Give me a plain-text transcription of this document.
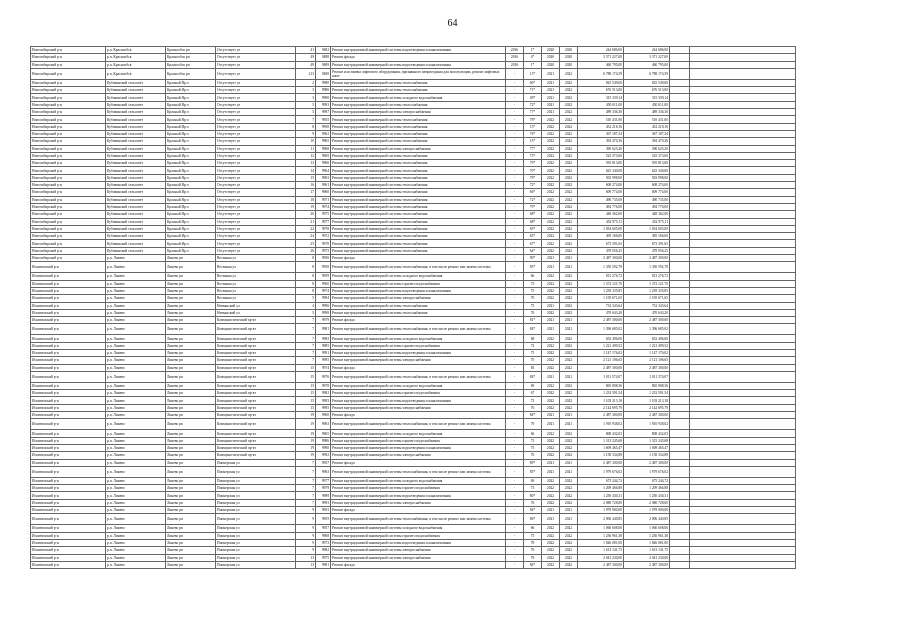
64
Новосибирский р-н	р.п. Краснообск	Краснообск рп	Отсутствует ул	41	9482	Ремонт внутридомовой инженерной системы водоотведения и канализования	2016	1*	2020	2020	244 686,00	244 686,00		
Новосибирский р-н	р.п. Краснообск	Краснообск рп	Отсутствует ул	49	9488	Ремонт фасада	2016	4*	2020	2020	3 371 227,00	3 371 227,00		
Новосибирский р-н	р.п. Краснообск	Краснообск рп	Отсутствует ул	49	9489	Ремонт внутридомовой инженерной системы водоотведения и канализования	2016	1*	2020	2020	460 795,00	460 795,00		
Новосибирский р-н	р.п. Краснообск	Краснообск рп	Отсутствует ул	213	9490	Ремонт или замена лифтового оборудования, признанного непригодным для эксплуатации, ремонт лифтовых шахт	-	13*	2021	2022	6 788 174,59	6 788 174,59		
Новосибирский р-н	Кубовинский сельсовет	Красный Яр п	Отсутствует ул	2	9980	Ремонт внутридомовой инженерной системы теплоснабжения	-	60*	2021	2022	825 549,00	825 549,00		
Новосибирский р-н	Кубовинский сельсовет	Красный Яр п	Отсутствует ул	3	9986	Ремонт внутридомовой инженерной системы теплоснабжения	-	71*	2021	2022	676 513,00	676 513,00		
Новосибирский р-н	Кубовинский сельсовет	Красный Яр п	Отсутствует ул	3	9990	Ремонт внутридомовой инженерной системы холодного водоснабжения	-	49*	2021	2022	315 339,14	315 339,14		
Новосибирский р-н	Кубовинский сельсовет	Красный Яр п	Отсутствует ул	5	9993	Ремонт внутридомовой инженерной системы теплоснабжения	-	72*	2021	2022	450 011,00	450 011,00		
Новосибирский р-н	Кубовинский сельсовет	Красный Яр п	Отсутствует ул	5	9997	Ремонт внутридомовой инженерной системы электроснабжения	-	77*	2021	2022	489 336,30	489 336,30		
Новосибирский р-н	Кубовинский сельсовет	Красный Яр п	Отсутствует ул	7	9955	Ремонт внутридомовой инженерной системы теплоснабжения	-	78*	2022	2022	510 431,00	510 431,00		
Новосибирский р-н	Кубовинский сельсовет	Красный Яр п	Отсутствует ул	8	9958	Ремонт внутридомовой инженерной системы теплоснабжения	-	15*	2022	2022	452 218,16	452 218,16		
Новосибирский р-н	Кубовинский сельсовет	Красный Яр п	Отсутствует ул	9	9962	Ремонт внутридомовой инженерной системы теплоснабжения	-	76*	2022	2022	367 187,34	367 187,34		
Новосибирский р-н	Кубовинский сельсовет	Красный Яр п	Отсутствует ул	10	9965	Ремонт внутридомовой инженерной системы теплоснабжения	-	15*	2022	2022	394 470,36	394 470,36		
Новосибирский р-н	Кубовинский сельсовет	Красный Яр п	Отсутствует ул	11	9968	Ремонт внутридомовой инженерной системы электроснабжения	-	77*	2022	2022	390 625,20	390 625,20		
Новосибирский р-н	Кубовинский сельсовет	Красный Яр п	Отсутствует ул	12	9969	Ремонт внутридомовой инженерной системы теплоснабжения	-	75*	2022	2022	525 373,00	525 373,00		
Новосибирский р-н	Кубовинский сельсовет	Красный Яр п	Отсутствует ул	13	9966	Ремонт внутридомовой инженерной системы теплоснабжения	-	79*	2022	2022	595 813,00	595 813,00		
Новосибирский р-н	Кубовинский сельсовет	Красный Яр п	Отсутствует ул	14	9964	Ремонт внутридомовой инженерной системы теплоснабжения	-	70*	2022	2022	625 340,00	625 340,00		
Новосибирский р-н	Кубовинский сельсовет	Красный Яр п	Отсутствует ул	15	9963	Ремонт внутридомовой инженерной системы теплоснабжения	-	79*	2022	2022	503 998,00	503 998,00		
Новосибирский р-н	Кубовинский сельсовет	Красный Яр п	Отсутствует ул	16	9961	Ремонт внутридомовой инженерной системы теплоснабжения	-	72*	2022	2022	608 274,00	608 274,00		
Новосибирский р-н	Кубовинский сельсовет	Красный Яр п	Отсутствует ул	17	9960	Ремонт внутридомовой инженерной системы теплоснабжения	-	66*	2022	2022	609 774,00	609 774,00		
Новосибирский р-н	Кубовинский сельсовет	Красный Яр п	Отсутствует ул	18	9971	Ремонт внутридомовой инженерной системы теплоснабжения	-	72*	2022	2022	490 735,00	490 735,00		
Новосибирский р-н	Кубовинский сельсовет	Красный Яр п	Отсутствует ул	19	9974	Ремонт внутридомовой инженерной системы теплоснабжения	-	79*	2022	2022	494 776,00	494 776,00		
Новосибирский р-н	Кубовинский сельсовет	Красный Яр п	Отсутствует ул	20	9975	Ремонт внутридомовой инженерной системы теплоснабжения	-	68*	2022	2022	448 362,00	448 362,00		
Новосибирский р-н	Кубовинский сельсовет	Красный Яр п	Отсутствует ул	21	9977	Ремонт внутридомовой инженерной системы теплоснабжения	-	68*	2022	2022	452 975,11	452 975,11		
Новосибирский р-н	Кубовинский сельсовет	Красный Яр п	Отсутствует ул	22	9978	Ремонт внутридомовой инженерной системы теплоснабжения	-	65*	2022	2022	1 054 605,00	1 054 605,00		
Новосибирский р-н	Кубовинский сельсовет	Красный Яр п	Отсутствует ул	24	9972	Ремонт внутридомовой инженерной системы теплоснабжения	-	65*	2022	2022	495 166,00	495 166,00		
Новосибирский р-н	Кубовинский сельсовет	Красный Яр п	Отсутствует ул	25	9970	Ремонт внутридомовой инженерной системы теплоснабжения	-	67*	2022	2022	673 391,65	673 391,65		
Новосибирский р-н	Кубовинский сельсовет	Красный Яр п	Отсутствует ул	26	9973	Ремонт внутридомовой инженерной системы теплоснабжения	-	64*	2022	2022	478 056,25	478 056,25		
Новосибирский р-н	р.п. Линево	Линево рп	Весенняя ул	8	9956	Ремонт фасада	-	90*	2021	2021	2 487 300,00	2 487 300,00		
Искитимский р-н	р.п. Линево	Линево рп	Весенняя ул	8	9958	Ремонт внутридомовой инженерной системы теплоснабжения, в том числе ремонт или замена системы	-	85*	2021	2021	1 350 592,78	1 350 592,78		
Искитимский р-н	р.п. Линево	Линево рп	Весенняя ул	8	9959	Ремонт внутридомовой инженерной системы холодного водоснабжения	-	66	2022	2022	813 276,72	813 276,72		
Искитимский р-н	р.п. Линево	Линево рп	Весенняя ул	8	9960	Ремонт внутридомовой инженерной системы горячего водоснабжения	-	73	2022	2022	1 372 121,70	1 372 121,70		
Искитимский р-н	р.п. Линево	Линево рп	Весенняя ул	8	9974	Ремонт внутридомовой инженерной системы водоотведения и канализования	-	75	2022	2022	1 239 335,85	1 239 335,85		
Искитимский р-н	р.п. Линево	Линево рп	Весенняя ул	5	9994	Ремонт внутридомовой инженерной системы электроснабжения	-	70	2022	2022	1 105 671,65	1 105 671,65		
Искитимский р-н	р.п. Линево	Линево рп	Невьянский ул	4	9996	Ремонт внутридомовой инженерной системы теплоснабжения	-	75	2021	2022	732 343,64	732 343,64		
Искитимский р-н	р.п. Линево	Линево рп	Невьянский ул	5	9998	Ремонт внутридомовой инженерной системы теплоснабжения	-	76	2022	2022	470 643,20	470 643,20		
Искитимский р-н	р.п. Линево	Линево рп	Коммунистический пр-кт	7	9979	Ремонт фасада	-	81*	2021	2021	2 487 300,00	2 487 300,00		
Искитимский р-н	р.п. Линево	Линево рп	Коммунистический пр-кт	7	9981	Ремонт внутридомовой инженерной системы теплоснабжения, в том числе ремонт или замена системы	-	84*	2021	2021	1 396 685,02	1 396 685,02		
Искитимский р-н	р.п. Линево	Линево рп	Коммунистический пр-кт	7	9983	Ремонт внутридомовой инженерной системы холодного водоснабжения	-	68	2022	2022	652 496,00	652 496,00		
Искитимский р-н	р.п. Линево	Линево рп	Коммунистический пр-кт	7	9985	Ремонт внутридомовой инженерной системы горячего водоснабжения	-	72	2022	2022	1 221 499,52	1 221 499,52		
Искитимский р-н	р.п. Линево	Линево рп	Коммунистический пр-кт	7	9991	Ремонт внутридомовой инженерной системы водоотведения и канализования	-	75	2022	2022	1 147 176,02	1 147 176,02		
Искитимский р-н	р.п. Линево	Линево рп	Коммунистический пр-кт	7	9995	Ремонт внутридомовой инженерной системы электроснабжения	-	70	2022	2022	2 121 106,65	2 121 106,65		
Искитимский р-н	р.п. Линево	Линево рп	Коммунистический пр-кт	15	9974	Ремонт фасада	-	83	2022	2022	2 487 300,00	2 487 300,00		
Искитимский р-н	р.п. Линево	Линево рп	Коммунистический пр-кт	15	9976	Ремонт внутридомовой инженерной системы теплоснабжения, в том числе ремонт или замена системы	-	84*	2021	2021	1 011 574,07	1 011 574,07		
Искитимский р-н	р.п. Линево	Линево рп	Коммунистический пр-кт	15	9978	Ремонт внутридомовой инженерной системы холодного водоснабжения	-	69	2022	2022	865 808,36	865 808,36		
Искитимский р-н	р.п. Линево	Линево рп	Коммунистический пр-кт	15	9982	Ремонт внутридомовой инженерной системы горячего водоснабжения	-	67	2022	2022	1 233 591,54	1 233 591,54		
Искитимский р-н	р.п. Линево	Линево рп	Коммунистический пр-кт	15	9993	Ремонт внутридомовой инженерной системы водоотведения и канализования	-	73	2022	2022	1 103 213,18	1 103 213,18		
Искитимский р-н	р.п. Линево	Линево рп	Коммунистический пр-кт	15	9995	Ремонт внутридомовой инженерной системы электроснабжения	-	76	2022	2022	2 142 695,79	2 142 695,79		
Искитимский р-н	р.п. Линево	Линево рп	Коммунистический пр-кт	19	9960	Ремонт фасада	-	84*	2021	2021	2 487 300,00	2 487 300,00		
Искитимский р-н	р.п. Линево	Линево рп	Коммунистический пр-кт	19	9963	Ремонт внутридомовой инженерной системы теплоснабжения, в том числе ремонт или замена системы	-	79	2021	2021	1 910 938,02	1 910 938,02		
Искитимский р-н	р.п. Линево	Линево рп	Коммунистический пр-кт	19	9965	Ремонт внутридомовой инженерной системы холодного водоснабжения	-	66	2022	2022	808 432,03	808 432,03		
Искитимский р-н	р.п. Линево	Линево рп	Коммунистический пр-кт	19	9986	Ремонт внутридомовой инженерной системы горячего водоснабжения	-	73	2022	2022	1 315 245,68	1 315 245,68		
Искитимский р-н	р.п. Линево	Линево рп	Коммунистический пр-кт	19	9990	Ремонт внутридомовой инженерной системы водоотведения и канализования	-	75	2022	2022	1 609 465,47	1 609 465,47		
Искитимский р-н	р.п. Линево	Линево рп	Коммунистический пр-кт	19	9992	Ремонт внутридомовой инженерной системы электроснабжения	-	76	2022	2022	1 158 334,88	1 158 334,88		
Искитимский р-н	р.п. Линево	Линево рп	Пионерская ул	7	9957	Ремонт фасада	-	89*	2021	2021	2 487 300,00	2 487 300,00		
Искитимский р-н	р.п. Линево	Линево рп	Пионерская ул	7	9963	Ремонт внутридомовой инженерной системы теплоснабжения, в том числе ремонт или замена системы	-	85*	2021	2021	1 979 676,02	1 979 676,02		
Искитимский р-н	р.п. Линево	Линево рп	Пионерская ул	7	9977	Ремонт внутридомовой инженерной системы холодного водоснабжения	-	69	2022	2022	675 244,72	675 244,72		
Искитимский р-н	р.п. Линево	Линево рп	Пионерская ул	7	9979	Ремонт внутридомовой инженерной системы горячего водоснабжения	-	73	2022	2022	1 209 466,88	1 209 466,88		
Искитимский р-н	р.п. Линево	Линево рп	Пионерская ул	7	9989	Ремонт внутридомовой инженерной системы водоотведения и канализования	-	80*	2022	2022	1 250 430,31	1 250 430,31		
Искитимский р-н	р.п. Линево	Линево рп	Пионерская ул	7	9993	Ремонт внутридомовой инженерной системы электроснабжения	-	76	2022	2022	2 080 728,00	2 080 728,00		
Искитимский р-н	р.п. Линево	Линево рп	Пионерская ул	9	9953	Ремонт фасада	-	84*	2021	2021	1 978 900,00	1 978 900,00		
Искитимский р-н	р.п. Линево	Линево рп	Пионерская ул	9	9955	Ремонт внутридомовой инженерной системы теплоснабжения, в том числе ремонт или замена системы	-	86*	2021	2021	2 006 440,85	2 006 440,85		
Искитимский р-н	р.п. Линево	Линево рп	Пионерская ул	9	9957	Ремонт внутридомовой инженерной системы холодного водоснабжения	-	66	2022	2022	1 060 608,00	1 060 608,00		
Искитимский р-н	р.п. Линево	Линево рп	Пионерская ул	9	9968	Ремонт внутридомовой инженерной системы горячего водоснабжения	-	75	2022	2022	1 236 961,38	1 236 961,38		
Искитимский р-н	р.п. Линево	Линево рп	Пионерская ул	9	9973	Ремонт внутридомовой инженерной системы водоотведения и канализования	-	78	2022	2022	1 846 081,00	1 846 081,00		
Искитимский р-н	р.п. Линево	Линево рп	Пионерская ул	9	9982	Ремонт внутридомовой инженерной системы электроснабжения	-	76	2022	2022	1 613 141,75	1 613 141,75		
Искитимский р-н	р.п. Линево	Линево рп	Пионерская ул	13	9975	Ремонт внутридомовой инженерной системы электроснабжения	-	78	2022	2022	2 041 230,00	2 041 230,00		
Искитимский р-н	р.п. Линево	Линево рп	Пионерская ул	13	9981	Ремонт фасада	-	84*	2022	2022	2 487 300,00	2 487 300,00		
